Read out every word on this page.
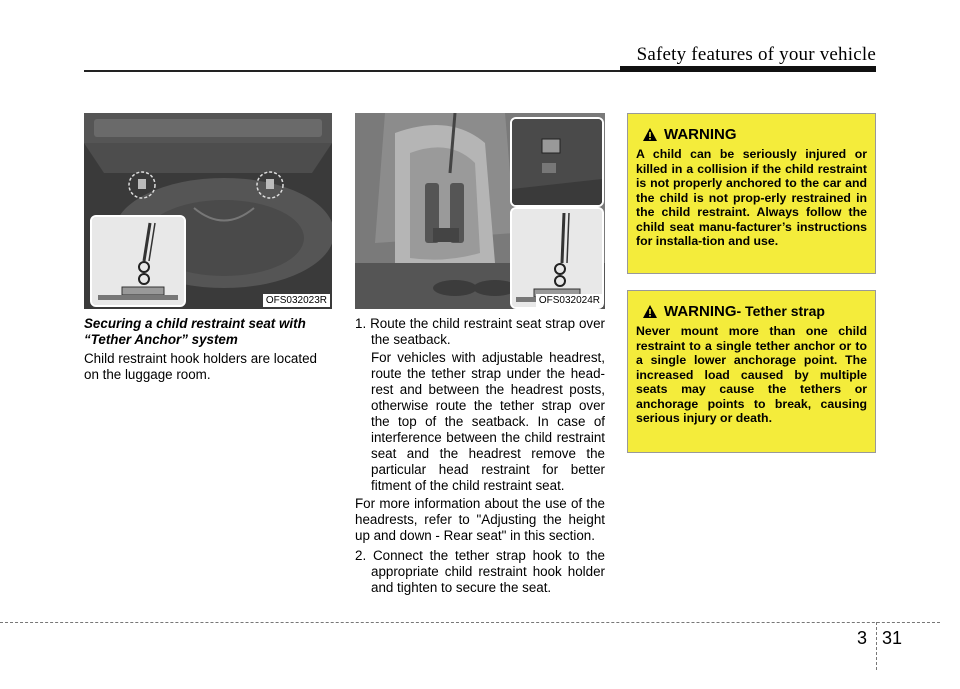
Safety features of your vehicle
OFS032023R	OFS032024R

Securing a child restraint seat with “Tether Anchor” system

Child restraint hook holders are located on the luggage room.

1. Route the child restraint seat strap over the seatback.

For vehicles with adjustable headrest, route the tether strap under the head-rest and between the headrest posts, otherwise route the tether strap over the top of the seatback. In case of interference between the child restraint seat and the headrest remove the particular head restraint for better fitment of the child restraint seat.

For more information about the use of the headrests, refer to "Adjusting the height up and down - Rear seat" in this section.

2. Connect the tether strap hook to the appropriate child restraint hook holder and tighten to secure the seat.

WARNING
A child can be seriously injured or killed in a collision if the child restraint is not properly anchored to the car and the child is not prop-erly restrained in the child restraint. Always follow the child seat manu-facturer’s instructions for installa-tion and use.
WARNING - Tether strap
Never mount more than one child restraint to a single tether anchor or to a single lower anchorage point. The increased load caused by multiple seats may cause the tethers or anchorage points to break, causing serious injury or death.
3 31
